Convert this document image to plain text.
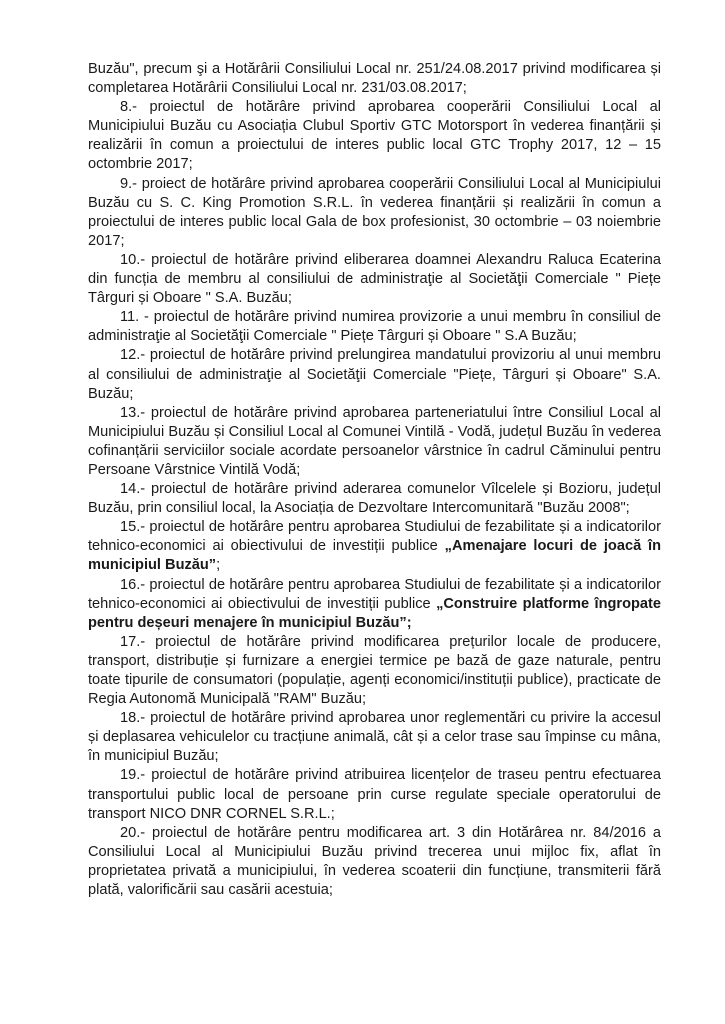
Buzău", precum şi a Hotărârii Consiliului Local nr. 251/24.08.2017 privind modificarea și completarea Hotărârii Consiliului Local nr. 231/03.08.2017;

8.- proiectul de hotărâre privind aprobarea cooperării Consiliului Local al Municipiului Buzău cu Asociația Clubul Sportiv GTC Motorsport în vederea finanțării și realizării în comun a proiectului de interes public local GTC Trophy 2017, 12 – 15 octombrie 2017;

9.- proiect de hotărâre privind aprobarea cooperării Consiliului Local al Municipiului Buzău cu S. C. King Promotion S.R.L. în vederea finanțării și realizării în comun a proiectului de interes public local Gala de box profesionist, 30 octombrie – 03 noiembrie 2017;

10.- proiectul de hotărâre privind eliberarea doamnei Alexandru Raluca Ecaterina din funcția de membru al consiliului de administraţie al Societăţii Comerciale " Piețe Târguri și Oboare " S.A. Buzău;

11. - proiectul de hotărâre privind numirea provizorie a unui membru în consiliul de administraţie al Societăţii Comerciale " Piețe Târguri și Oboare " S.A Buzău;

12.- proiectul de hotărâre privind prelungirea mandatului provizoriu al unui membru al consiliului de administraţie al Societăţii Comerciale "Piețe, Târguri și Oboare" S.A. Buzău;

13.- proiectul de hotărâre privind aprobarea parteneriatului între Consiliul Local al Municipiului Buzău și Consiliul Local al Comunei Vintilă - Vodă, județul Buzău în vederea cofinanțării serviciilor sociale acordate persoanelor vârstnice în cadrul Căminului pentru Persoane Vârstnice Vintilă Vodă;

14.- proiectul de hotărâre privind aderarea comunelor Vîlcelele și Bozioru, județul Buzău, prin consiliul local, la Asociația de Dezvoltare Intercomunitară "Buzău 2008";

15.- proiectul de hotărâre pentru aprobarea Studiului de fezabilitate și a indicatorilor tehnico-economici ai obiectivului de investiții publice „Amenajare locuri de joacă în municipiul Buzău”;

16.- proiectul de hotărâre pentru aprobarea Studiului de fezabilitate și a indicatorilor tehnico-economici ai obiectivului de investiții publice „Construire platforme îngropate pentru deșeuri menajere în municipiul Buzău”;

17.- proiectul de hotărâre privind modificarea prețurilor locale de producere, transport, distribuție și furnizare a energiei termice pe bază de gaze naturale, pentru toate tipurile de consumatori (populație, agenți economici/instituții publice), practicate de Regia Autonomă Municipală "RAM" Buzău;

18.- proiectul de hotărâre privind aprobarea unor reglementări cu privire la accesul și deplasarea vehiculelor cu tracțiune animală, cât și a celor trase sau împinse cu mâna, în municipiul Buzău;

19.- proiectul de hotărâre privind atribuirea licențelor de traseu pentru efectuarea transportului public local de persoane prin curse regulate speciale operatorului de transport NICO DNR CORNEL S.R.L.;

20.- proiectul de hotărâre pentru modificarea art. 3 din Hotărârea nr. 84/2016 a Consiliului Local al Municipiului Buzău privind trecerea unui mijloc fix, aflat în proprietatea privată a municipiului, în vederea scoaterii din funcțiune, transmiterii fără plată, valorificării sau casării acestuia;
